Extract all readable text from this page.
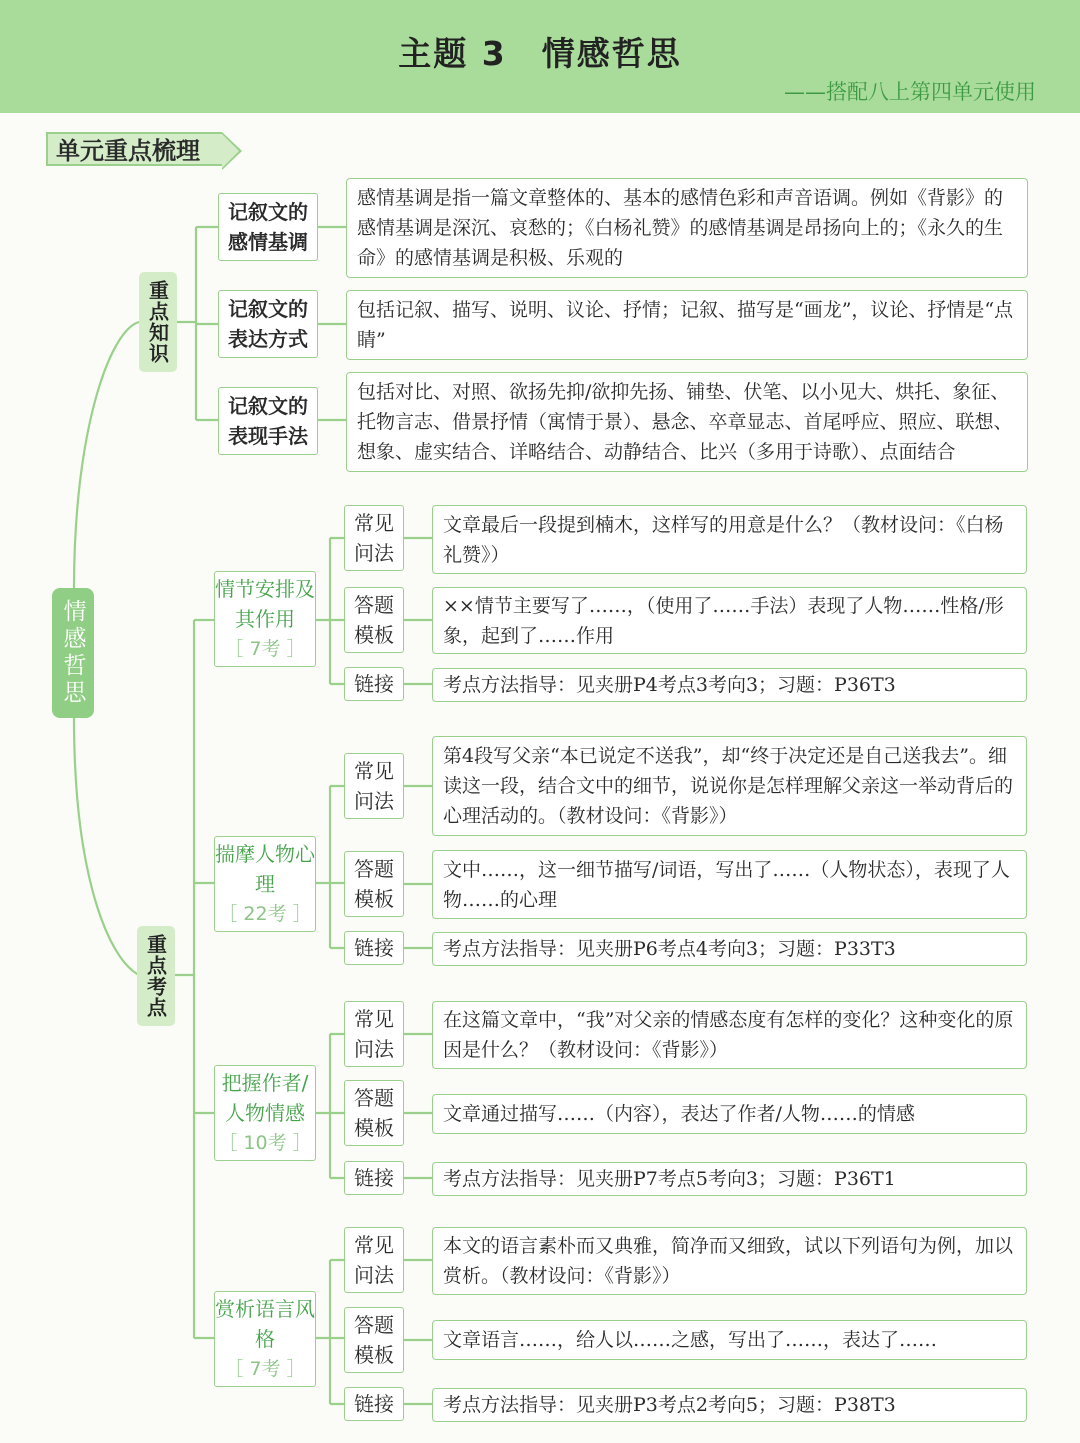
主题 3　情感哲思
——搭配八上第四单元使用
单元重点梳理
情感哲思
重点知识
重点考点
记叙文的感情基调
感情基调是指一篇文章整体的、基本的感情色彩和声音语调。例如《背影》的感情基调是深沉、哀愁的；《白杨礼赞》的感情基调是昂扬向上的；《永久的生命》的感情基调是积极、乐观的
记叙文的表达方式
包括记叙、描写、说明、议论、抒情；记叙、描写是“画龙”，议论、抒情是“点睛”
记叙文的表现手法
包括对比、对照、欲扬先抑/欲抑先扬、铺垫、伏笔、以小见大、烘托、象征、托物言志、借景抒情（寓情于景）、悬念、卒章显志、首尾呼应、照应、联想、想象、虚实结合、详略结合、动静结合、比兴（多用于诗歌）、点面结合
情节安排及其作用
［ 7考 ］
常见问法
文章最后一段提到楠木，这样写的用意是什么？（教材设问：《白杨礼赞》）
答题模板
××情节主要写了……，（使用了……手法）表现了人物……性格/形象，起到了……作用
链接	考点方法指导：见夹册P4考点3考向3；习题：P36T3
揣摩人物心理
［ 22考 ］
常见问法
第4段写父亲“本已说定不送我”，却“终于决定还是自己送我去”。细读这一段，结合文中的细节，说说你是怎样理解父亲这一举动背后的心理活动的。（教材设问：《背影》）
答题模板
文中……，这一细节描写/词语，写出了……（人物状态），表现了人物……的心理
链接	考点方法指导：见夹册P6考点4考向3；习题：P33T3
把握作者/人物情感
［ 10考 ］
常见问法
在这篇文章中，“我”对父亲的情感态度有怎样的变化？这种变化的原因是什么？（教材设问：《背影》）
答题模板
文章通过描写……（内容），表达了作者/人物……的情感
链接	考点方法指导：见夹册P7考点5考向3；习题：P36T1
赏析语言风格
［ 7考 ］
常见问法
本文的语言素朴而又典雅，简净而又细致，试以下列语句为例，加以赏析。（教材设问：《背影》）
答题模板
文章语言……，给人以……之感，写出了……，表达了……
链接	考点方法指导：见夹册P3考点2考向5；习题：P38T3
